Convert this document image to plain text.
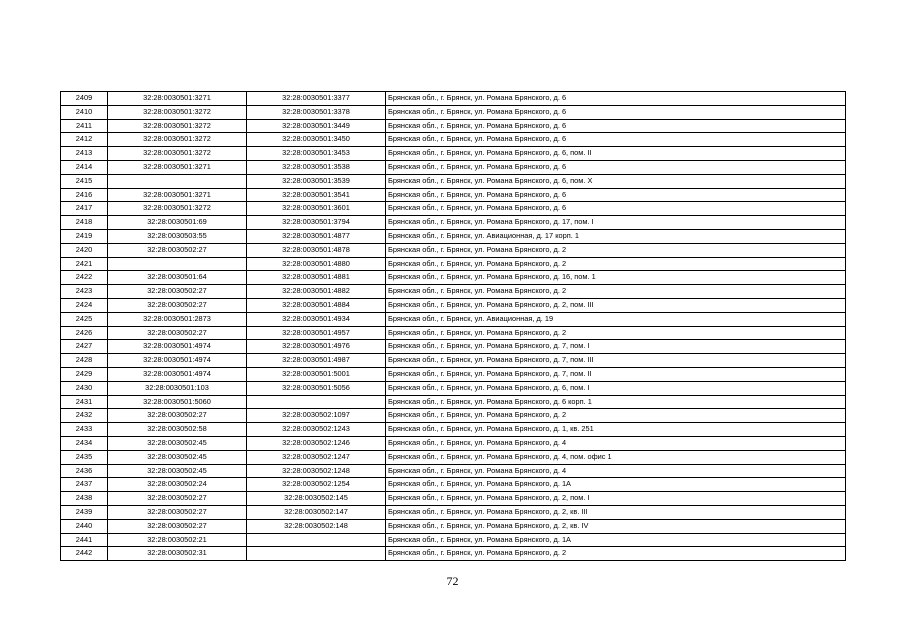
2409	32:28:0030501:3271	32:28:0030501:3377	Брянская обл., г. Брянск, ул. Романа Брянского, д. 6
2410	32:28:0030501:3272	32:28:0030501:3378	Брянская обл., г. Брянск, ул. Романа Брянского, д. 6
2411	32:28:0030501:3272	32:28:0030501:3449	Брянская обл., г. Брянск, ул. Романа Брянского, д. 6
2412	32:28:0030501:3272	32:28:0030501:3450	Брянская обл., г. Брянск, ул. Романа Брянского, д. 6
2413	32:28:0030501:3272	32:28:0030501:3453	Брянская обл., г. Брянск, ул. Романа Брянского, д. 6, пом. II
2414	32:28:0030501:3271	32:28:0030501:3538	Брянская обл., г. Брянск, ул. Романа Брянского, д. 6
2415		32:28:0030501:3539	Брянская обл., г. Брянск, ул. Романа Брянского, д. 6, пом. X
2416	32:28:0030501:3271	32:28:0030501:3541	Брянская обл., г. Брянск, ул. Романа Брянского, д. 6
2417	32:28:0030501:3272	32:28:0030501:3601	Брянская обл., г. Брянск, ул. Романа Брянского, д. 6
2418	32:28:0030501:69	32:28:0030501:3794	Брянская обл., г. Брянск, ул. Романа Брянского, д. 17, пом. I
2419	32:28:0030503:55	32:28:0030501:4877	Брянская обл., г. Брянск, ул. Авиационная, д. 17 корп. 1
2420	32:28:0030502:27	32:28:0030501:4878	Брянская обл., г. Брянск, ул. Романа Брянского, д. 2
2421		32:28:0030501:4880	Брянская обл., г. Брянск, ул. Романа Брянского, д. 2
2422	32:28:0030501:64	32:28:0030501:4881	Брянская обл., г. Брянск, ул. Романа Брянского, д. 16, пом. 1
2423	32:28:0030502:27	32:28:0030501:4882	Брянская обл., г. Брянск, ул. Романа Брянского, д. 2
2424	32:28:0030502:27	32:28:0030501:4884	Брянская обл., г. Брянск, ул. Романа Брянского, д. 2, пом. III
2425	32:28:0030501:2873	32:28:0030501:4934	Брянская обл., г. Брянск, ул. Авиационная, д. 19
2426	32:28:0030502:27	32:28:0030501:4957	Брянская обл., г. Брянск, ул. Романа Брянского, д. 2
2427	32:28:0030501:4974	32:28:0030501:4976	Брянская обл., г. Брянск, ул. Романа Брянского, д. 7, пом. I
2428	32:28:0030501:4974	32:28:0030501:4987	Брянская обл., г. Брянск, ул. Романа Брянского, д. 7, пом. III
2429	32:28:0030501:4974	32:28:0030501:5001	Брянская обл., г. Брянск, ул. Романа Брянского, д. 7, пом. II
2430	32:28:0030501:103	32:28:0030501:5056	Брянская обл., г. Брянск, ул. Романа Брянского, д. 6, пом. I
2431	32:28:0030501:5060		Брянская обл., г. Брянск, ул. Романа Брянского, д. 6 корп. 1
2432	32:28:0030502:27	32:28:0030502:1097	Брянская обл., г. Брянск, ул. Романа Брянского, д. 2
2433	32:28:0030502:58	32:28:0030502:1243	Брянская обл., г. Брянск, ул. Романа Брянского, д. 1, кв. 251
2434	32:28:0030502:45	32:28:0030502:1246	Брянская обл., г. Брянск, ул. Романа Брянского, д. 4
2435	32:28:0030502:45	32:28:0030502:1247	Брянская обл., г. Брянск, ул. Романа Брянского, д. 4, пом. офис 1
2436	32:28:0030502:45	32:28:0030502:1248	Брянская обл., г. Брянск, ул. Романа Брянского, д. 4
2437	32:28:0030502:24	32:28:0030502:1254	Брянская обл., г. Брянск, ул. Романа Брянского, д. 1А
2438	32:28:0030502:27	32:28:0030502:145	Брянская обл., г. Брянск, ул. Романа Брянского, д. 2, пом. I
2439	32:28:0030502:27	32:28:0030502:147	Брянская обл., г. Брянск, ул. Романа Брянского, д. 2, кв. III
2440	32:28:0030502:27	32:28:0030502:148	Брянская обл., г. Брянск, ул. Романа Брянского, д. 2, кв. IV
2441	32:28:0030502:21		Брянская обл., г. Брянск, ул. Романа Брянского, д. 1А
2442	32:28:0030502:31		Брянская обл., г. Брянск, ул. Романа Брянского, д. 2
72
